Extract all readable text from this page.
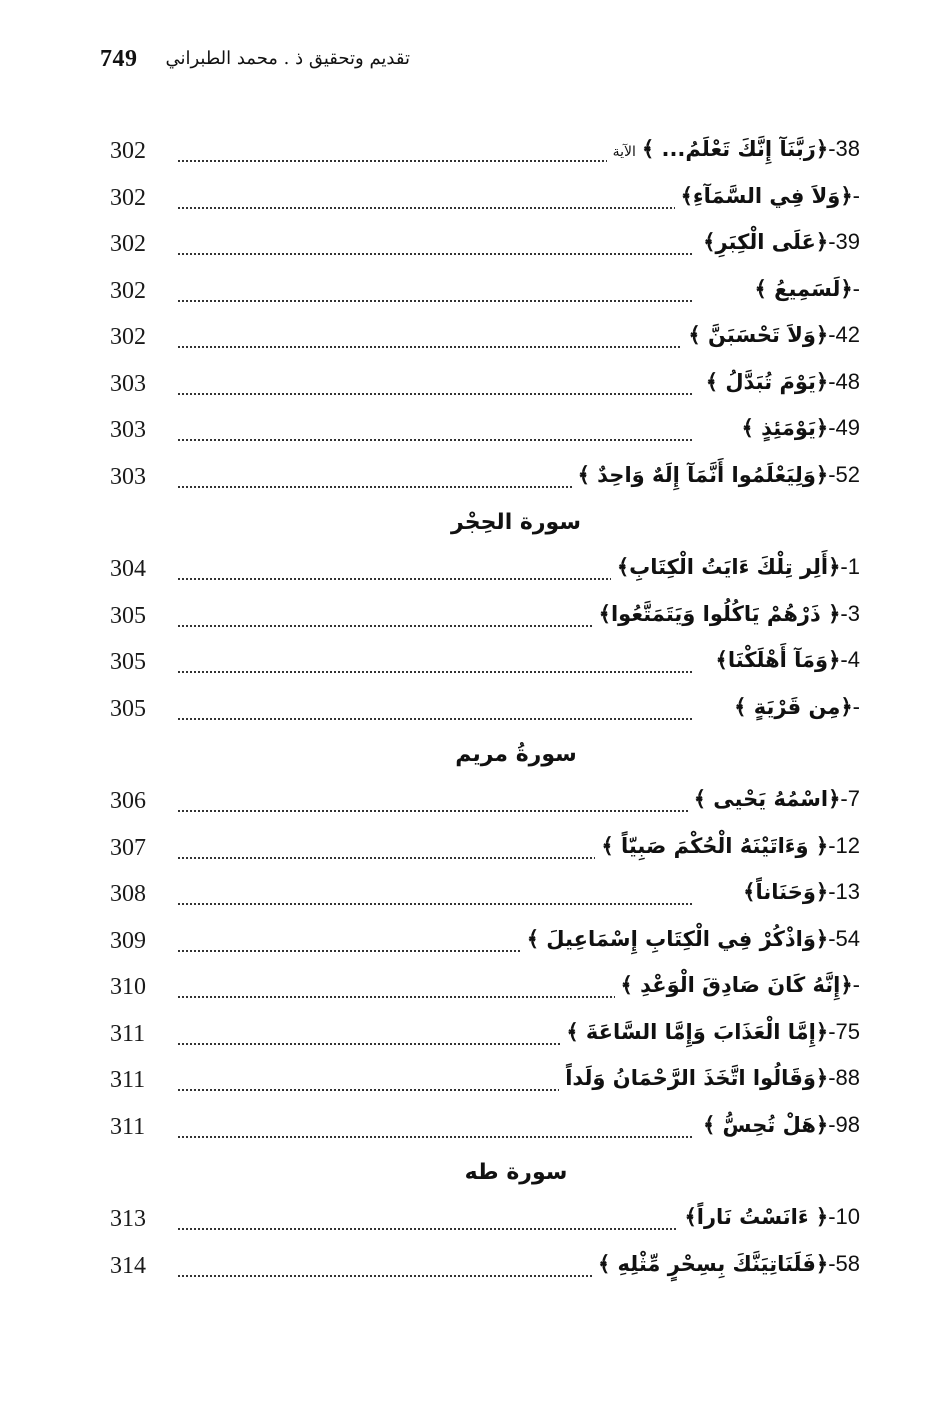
749 تقديم وتحقيق ذ . محمد الطبراني
302	38-﴿رَبَّنَآ إِنَّكَ تَعْلَمُ... ﴾الآية
302	-﴿وَلاَ فِي السَّمَآءِ﴾
302	39-﴿عَلَى الْكِبَرِ﴾
302	-﴿لَسَمِيعُ ﴾
302	42-﴿وَلاَ تَحْسَبَنَّ ﴾
303	48-﴿يَوْمَ تُبَدَّلُ ﴾
303	49-﴿يَوْمَئِذٍ ﴾
303	52-﴿وَلِيَعْلَمُوا أَنَّمَآ إِلَهٌ وَاحِدٌ ﴾
سورة الحِجْر
304	1-﴿أَلِر تِلْكَ ءَايَتُ الْكِتَابِ﴾
305	3-﴿ ذَرْهُمْ يَاكُلُوا وَيَتَمَتَّعُوا﴾
305	4-﴿وَمَآ أَهْلَكْنَا﴾
305	-﴿مِن قَرْيَةٍ ﴾
سورةُ مريم
306	7-﴿اسْمُهُ يَحْيى ﴾
307	12-﴿ وَءَاتَيْنَهُ الْحُكْمَ صَبِيّاً ﴾
308	13-﴿وَحَنَاناً﴾
309	54-﴿وَاذْكُرْ فِي الْكِتَابِ إِسْمَاعِيلَ ﴾
310	-﴿إِنَّهُ كَانَ صَادِقَ الْوَعْدِ ﴾
311	75-﴿إِمَّا الْعَذَابَ وَإِمَّا السَّاعَةَ ﴾
311	88-﴿وَقَالُوا اتَّخَذَ الرَّحْمَانُ وَلَداً
311	98-﴿هَلْ تُحِسُّ ﴾
سورة طه
313	10-﴿ ءَانَسْتُ نَاراً﴾
314	58-﴿فَلَنَاتِيَنَّكَ بِسِحْرٍ مِّثْلِهِ ﴾
